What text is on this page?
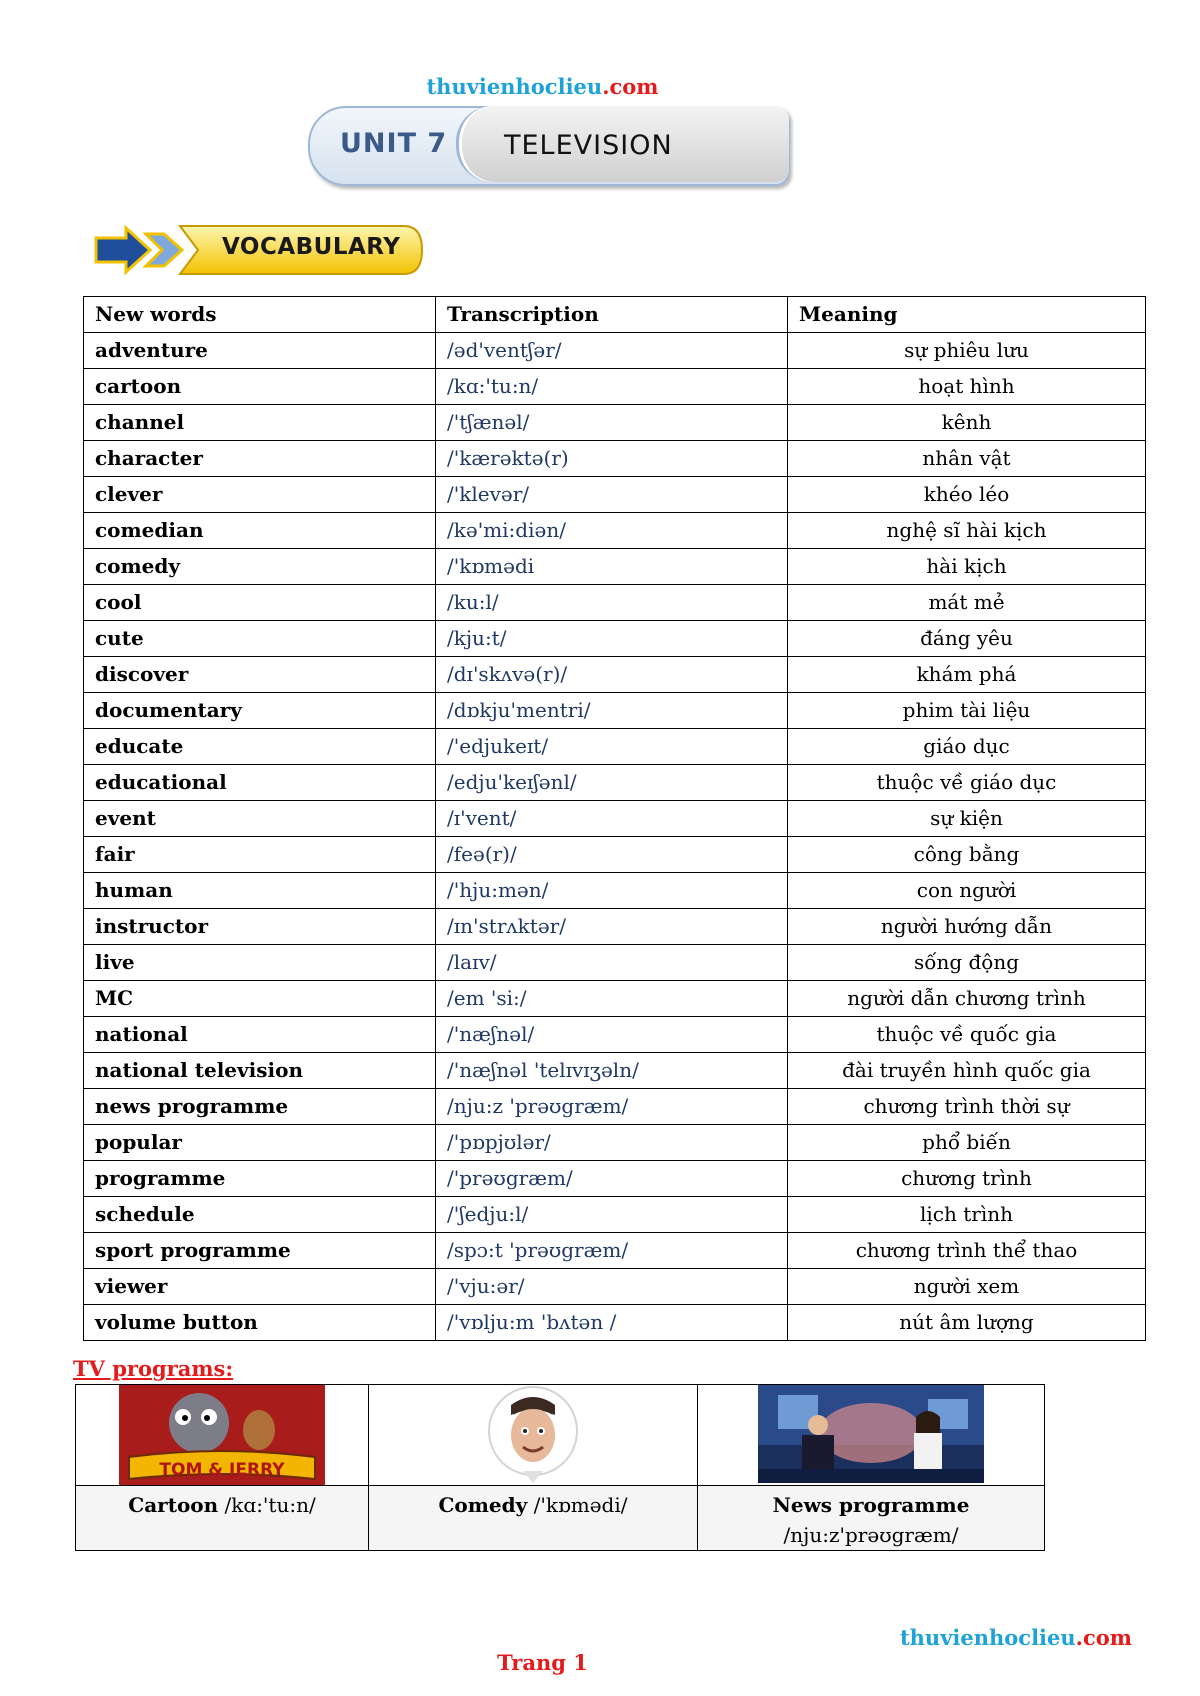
thuvienhoclieu.com
UNIT 7 TELEVISION
VOCABULARY
New words	Transcription	Meaning
adventure	/əd'ventʃər/	sự phiêu lưu
cartoon	/kɑ:'tu:n/	hoạt hình
channel	/'tʃænəl/	kênh
character	/'kærəktə(r)	nhân vật
clever	/'klevər/	khéo léo
comedian	/kə'mi:diən/	nghệ sĩ hài kịch
comedy	/'kɒmədi	hài kịch
cool	/ku:l/	mát mẻ
cute	/kju:t/	đáng yêu
discover	/dɪ'skʌvə(r)/	khám phá
documentary	/dɒkju'mentri/	phim tài liệu
educate	/'edjukeɪt/	giáo dục
educational	/edju'keɪʃənl/	thuộc về giáo dục
event	/ɪ'vent/	sự kiện
fair	/feə(r)/	công bằng
human	/'hju:mən/	con người
instructor	/ɪn'strʌktər/	người hướng dẫn
live	/laɪv/	sống động
MC	/em 'si:/	người dẫn chương trình
national	/'næʃnəl/	thuộc về quốc gia
national television	/'næʃnəl 'telɪvɪʒəln/	đài truyền hình quốc gia
news programme	/nju:z 'prəʊgræm/	chương trình thời sự
popular	/'pɒpjʊlər/	phổ biến
programme	/'prəʊgræm/	chương trình
schedule	/'ʃedju:l/	lịch trình
sport programme	/spɔ:t 'prəʊgræm/	chương trình thể thao
viewer	/'vju:ər/	người xem
volume button	/'vɒlju:m 'bʌtən /	nút âm lượng
TV programs:
TOM & JERRY

Cartoon /kɑ:'tu:n/	Comedy /'kɒmədi/	News programme
/nju:z'prəʊgræm/
thuvienhoclieu.com
Trang 1
